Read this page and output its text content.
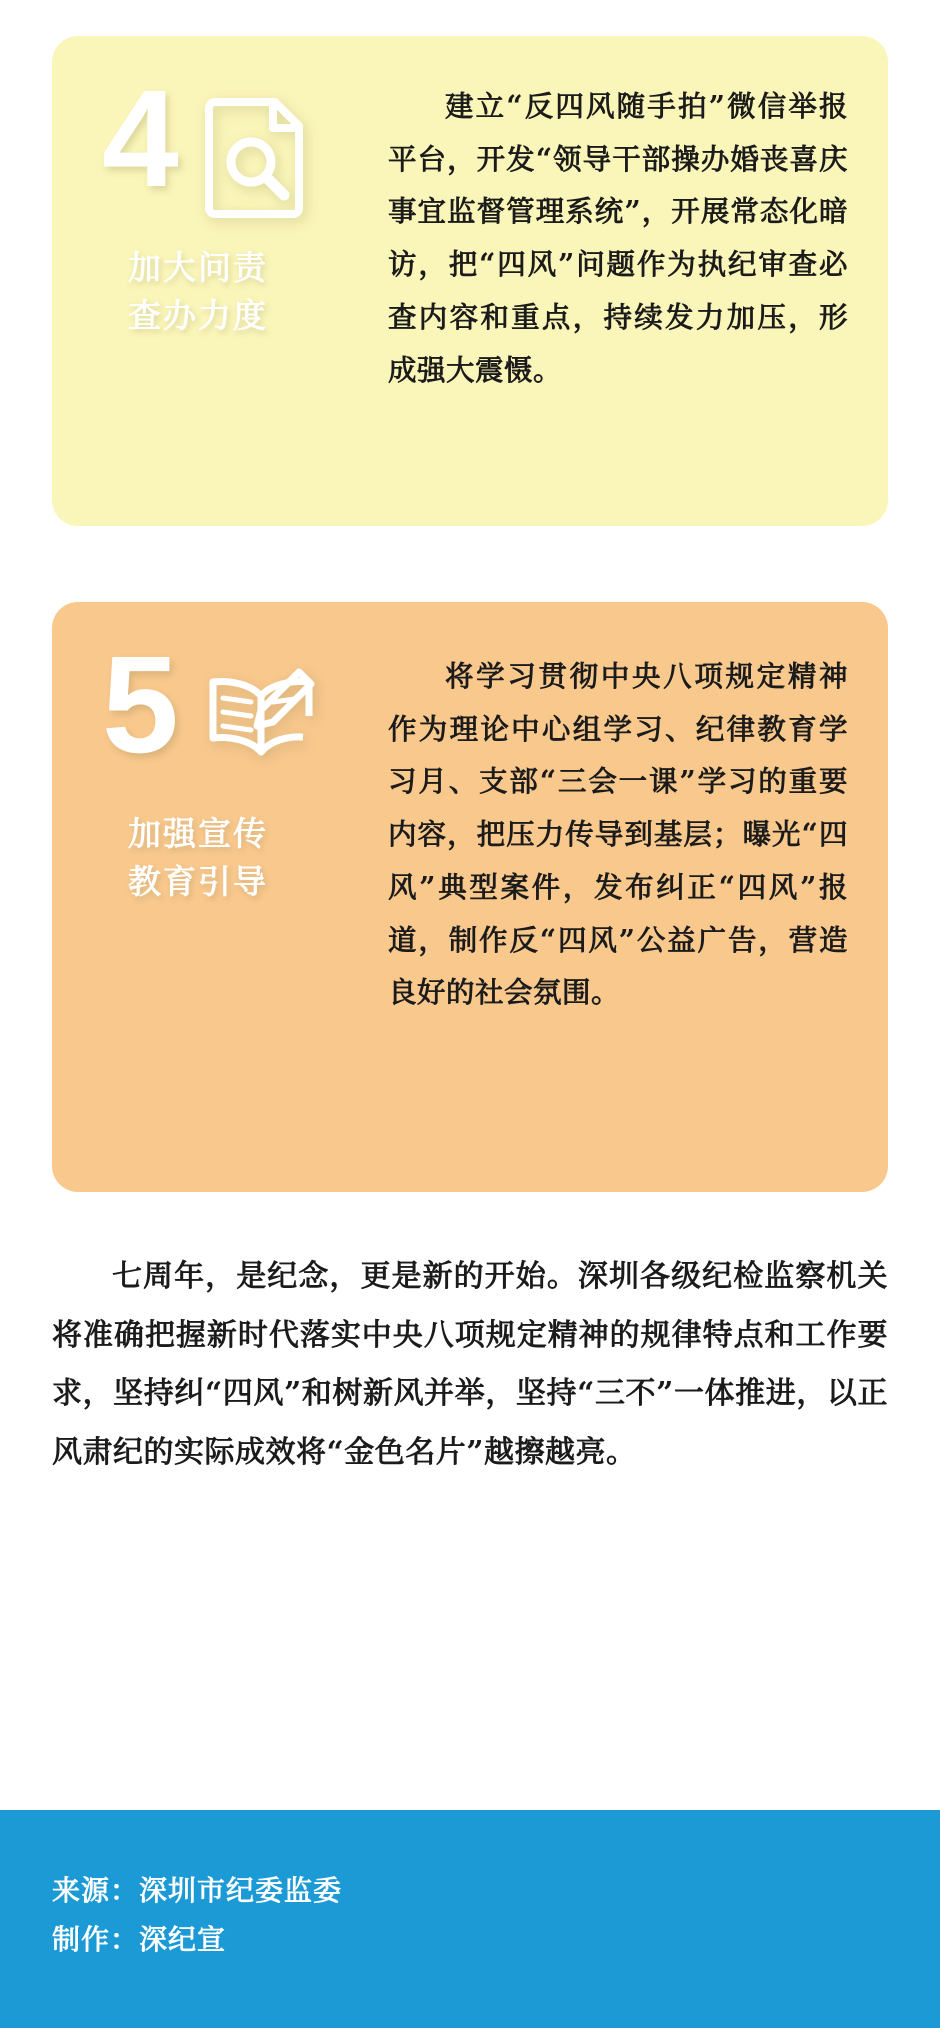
4
加大问责
查办力度
建立“反四风随手拍”微信举报平台，开发“领导干部操办婚丧喜庆事宜监督管理系统”，开展常态化暗访，把“四风”问题作为执纪审查必查内容和重点，持续发力加压，形成强大震慑。
5
加强宣传
教育引导
将学习贯彻中央八项规定精神作为理论中心组学习、纪律教育学习月、支部“三会一课”学习的重要内容，把压力传导到基层；曝光“四风”典型案件，发布纠正“四风”报道，制作反“四风”公益广告，营造良好的社会氛围。
七周年，是纪念，更是新的开始。深圳各级纪检监察机关将准确把握新时代落实中央八项规定精神的规律特点和工作要求，坚持纠“四风”和树新风并举，坚持“三不”一体推进，以正风肃纪的实际成效将“金色名片”越擦越亮。
来源：深圳市纪委监委
制作：深纪宣
